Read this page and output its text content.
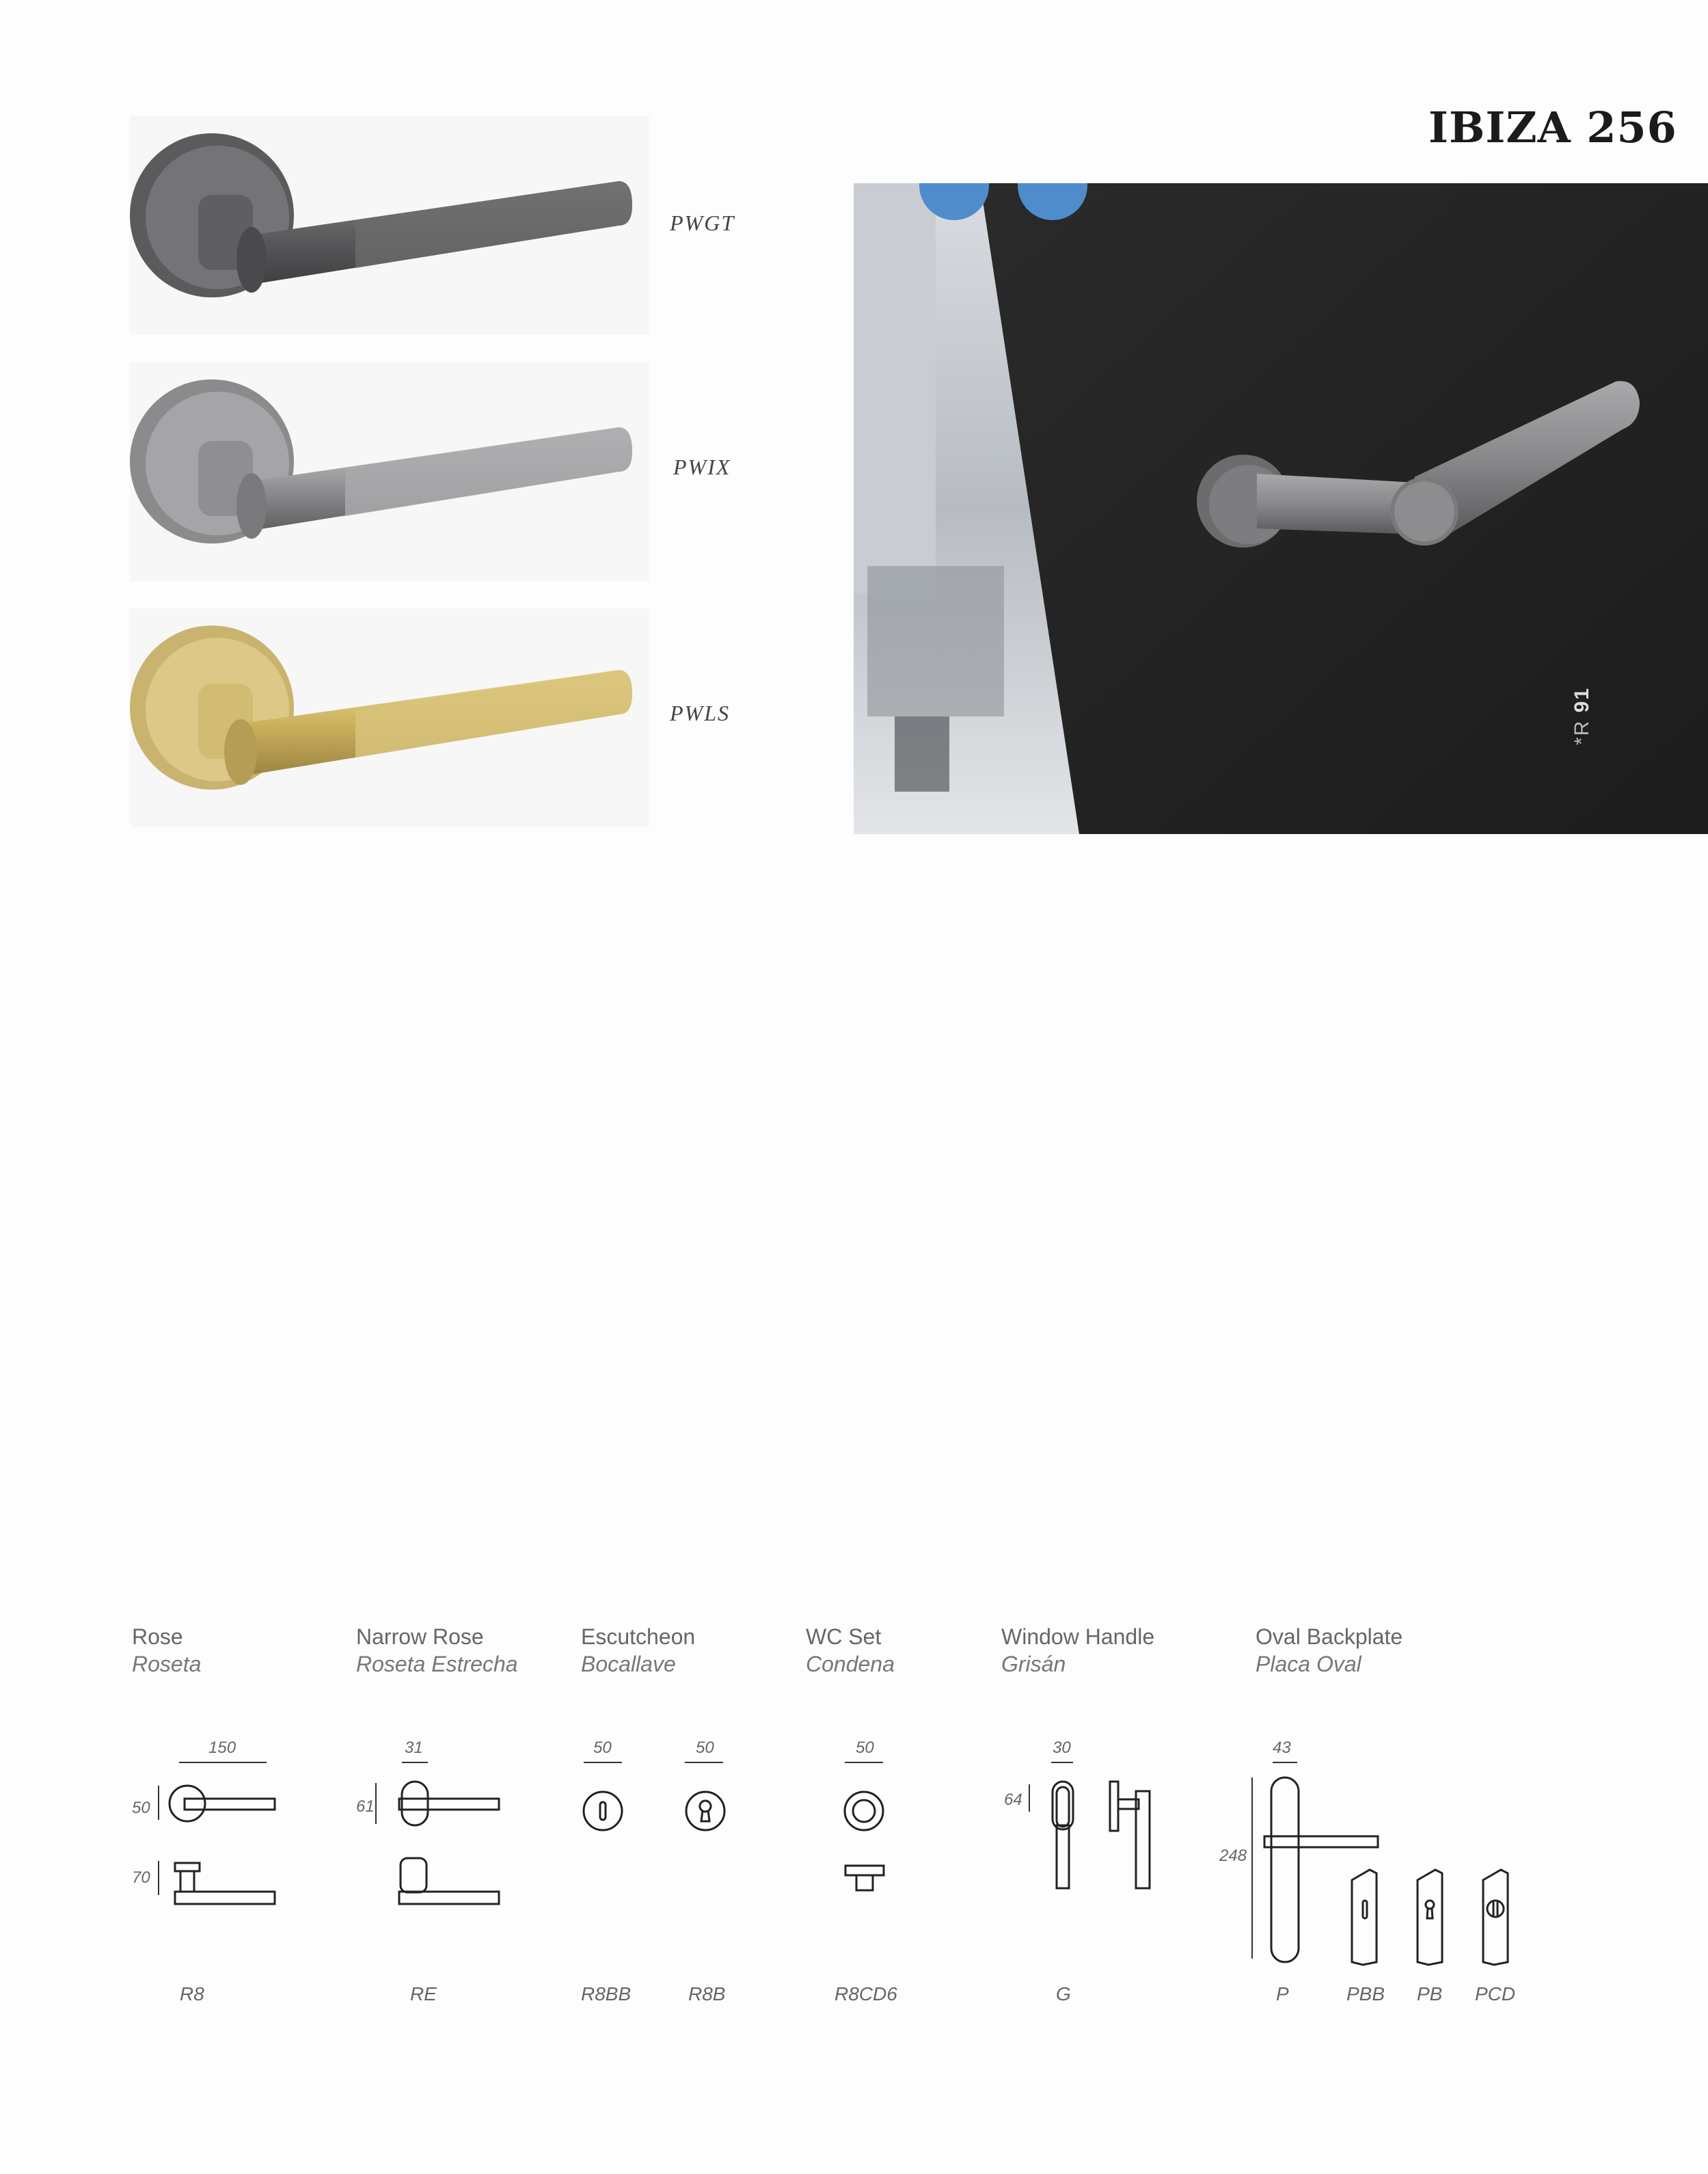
IBIZA 256
PWGT
PWIX
PWLS
*R 91
Rose
Roseta
Narrow Rose
Roseta Estrecha
Escutcheon
Bocallave
WC Set
Condena
Window Handle
Grisán
Oval Backplate
Placa Oval
150
50
70
R8
31
61
RE
50	50
R8BB	R8B
50
R8CD6
30
64
G
43
248
P	PBB PB PCD
